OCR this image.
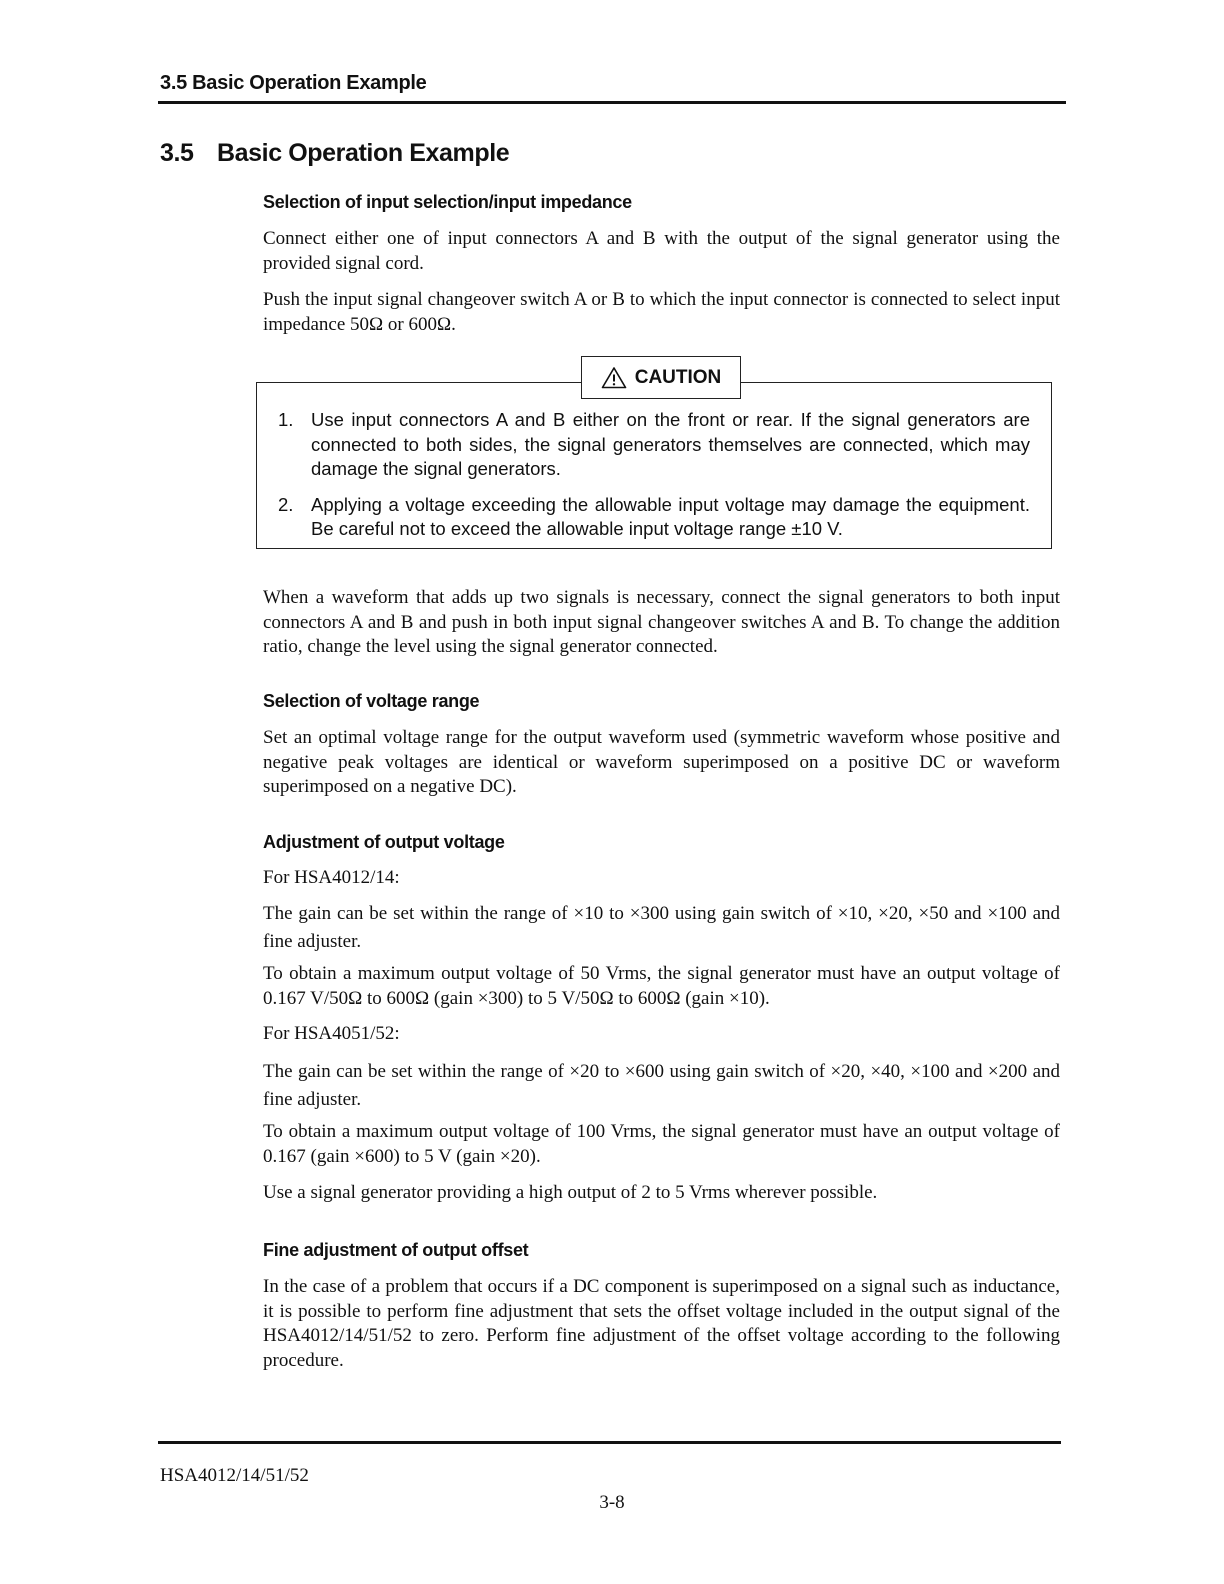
3.5 Basic Operation Example
3.5 Basic Operation Example
Selection of input selection/input impedance
Connect either one of input connectors A and B with the output of the signal generator using the provided signal cord.
Push the input signal changeover switch A or B to which the input connector is connected to select input impedance 50Ω or 600Ω.
CAUTION
1. Use input connectors A and B either on the front or rear. If the signal generators are connected to both sides, the signal generators themselves are connected, which may damage the signal generators.
2. Applying a voltage exceeding the allowable input voltage may damage the equipment. Be careful not to exceed the allowable input voltage range ±10 V.
When a waveform that adds up two signals is necessary, connect the signal generators to both input connectors A and B and push in both input signal changeover switches A and B. To change the addition ratio, change the level using the signal generator connected.
Selection of voltage range
Set an optimal voltage range for the output waveform used (symmetric waveform whose positive and negative peak voltages are identical or waveform superimposed on a positive DC or waveform superimposed on a negative DC).
Adjustment of output voltage
For HSA4012/14:
The gain can be set within the range of ×10 to ×300 using gain switch of ×10, ×20, ×50 and ×100 and fine adjuster.
To obtain a maximum output voltage of 50 Vrms, the signal generator must have an output voltage of 0.167 V/50Ω to 600Ω (gain ×300) to 5 V/50Ω to 600Ω (gain ×10).
For HSA4051/52:
The gain can be set within the range of ×20 to ×600 using gain switch of ×20, ×40, ×100 and ×200 and fine adjuster.
To obtain a maximum output voltage of 100 Vrms, the signal generator must have an output voltage of 0.167 (gain ×600) to 5 V (gain ×20).
Use a signal generator providing a high output of 2 to 5 Vrms wherever possible.
Fine adjustment of output offset
In the case of a problem that occurs if a DC component is superimposed on a signal such as inductance, it is possible to perform fine adjustment that sets the offset voltage included in the output signal of the HSA4012/14/51/52 to zero. Perform fine adjustment of the offset voltage according to the following procedure.
HSA4012/14/51/52
3-8
